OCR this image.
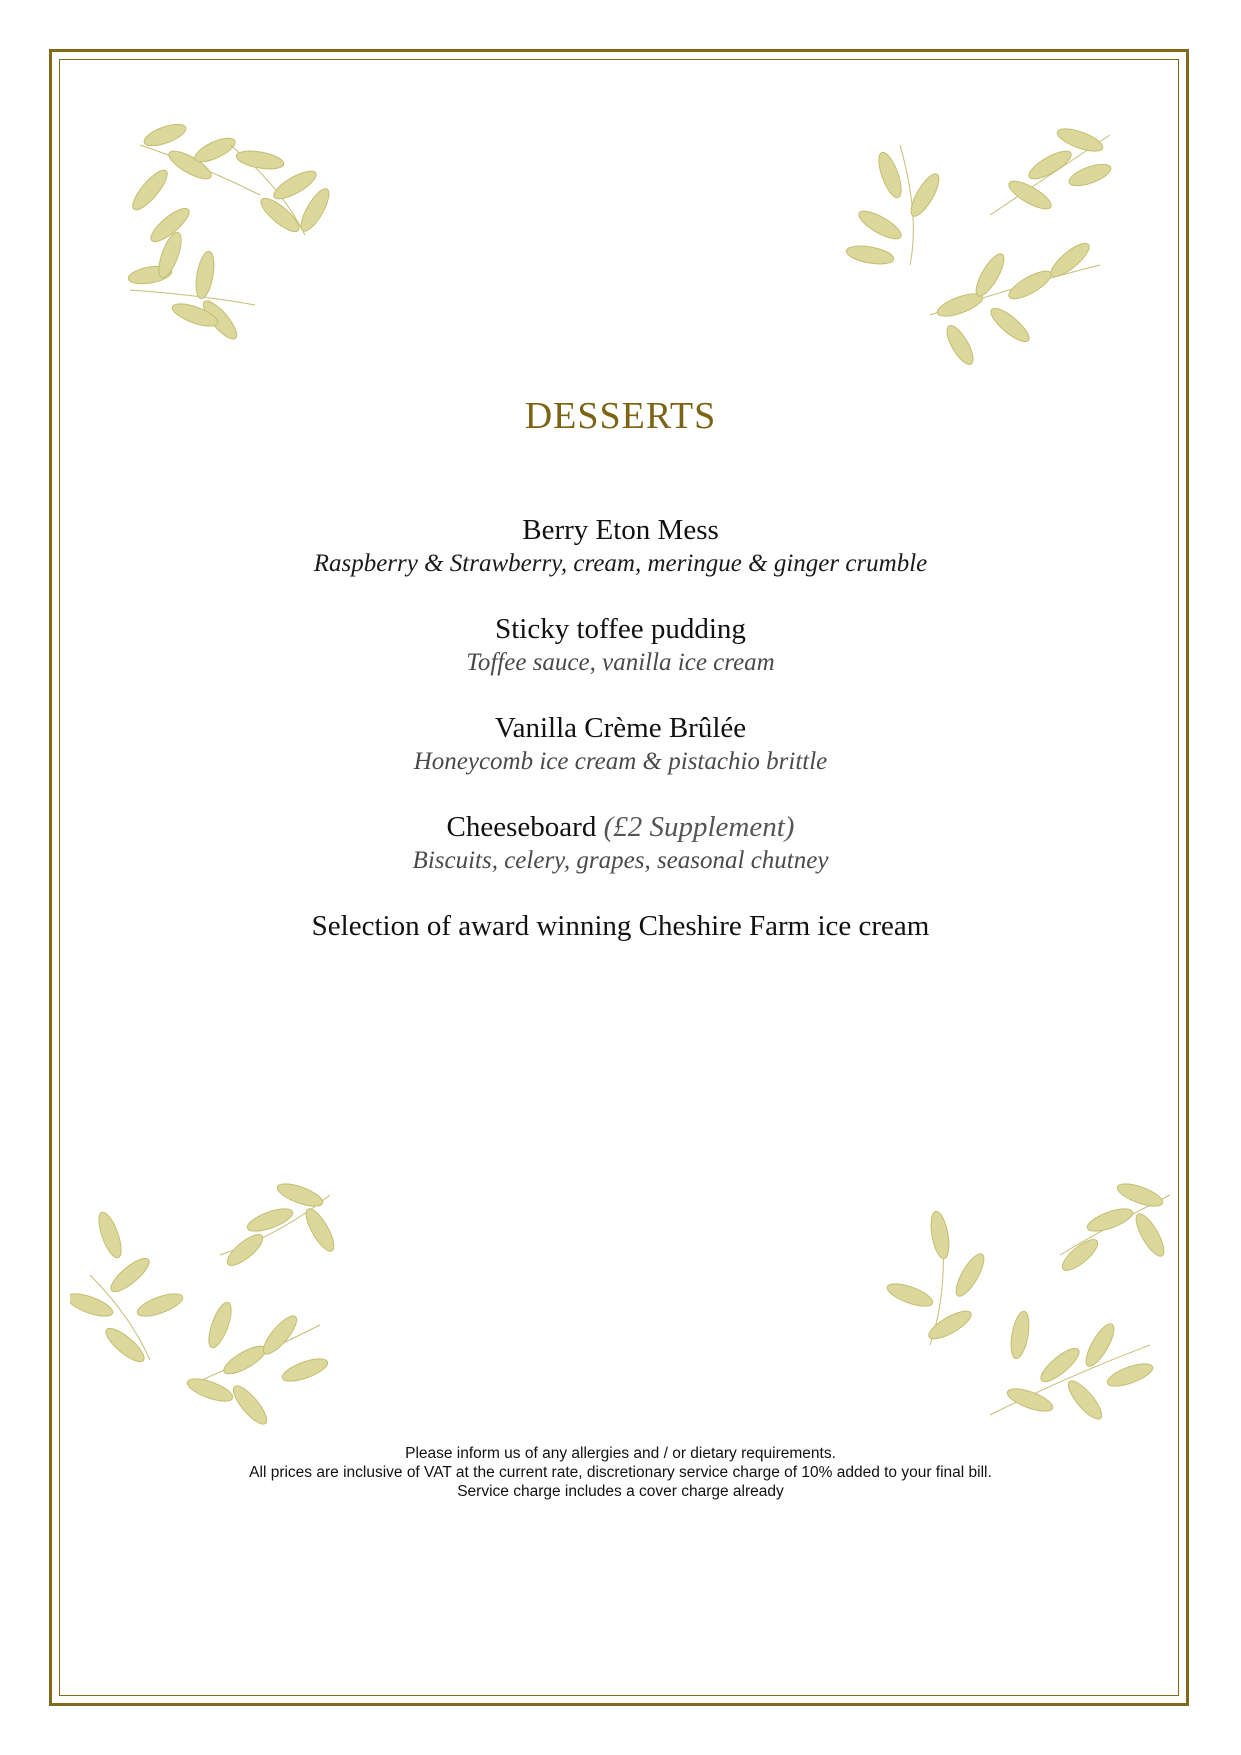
DESSERTS
Berry Eton Mess
Raspberry & Strawberry, cream, meringue & ginger crumble
Sticky toffee pudding
Toffee sauce, vanilla ice cream
Vanilla Crème Brûlée
Honeycomb ice cream & pistachio brittle
Cheeseboard (£2 Supplement)
Biscuits, celery, grapes, seasonal chutney
Selection of award winning Cheshire Farm ice cream
Please inform us of any allergies and / or dietary requirements.
All prices are inclusive of VAT at the current rate, discretionary service charge of 10% added to your final bill.
Service charge includes a cover charge already
